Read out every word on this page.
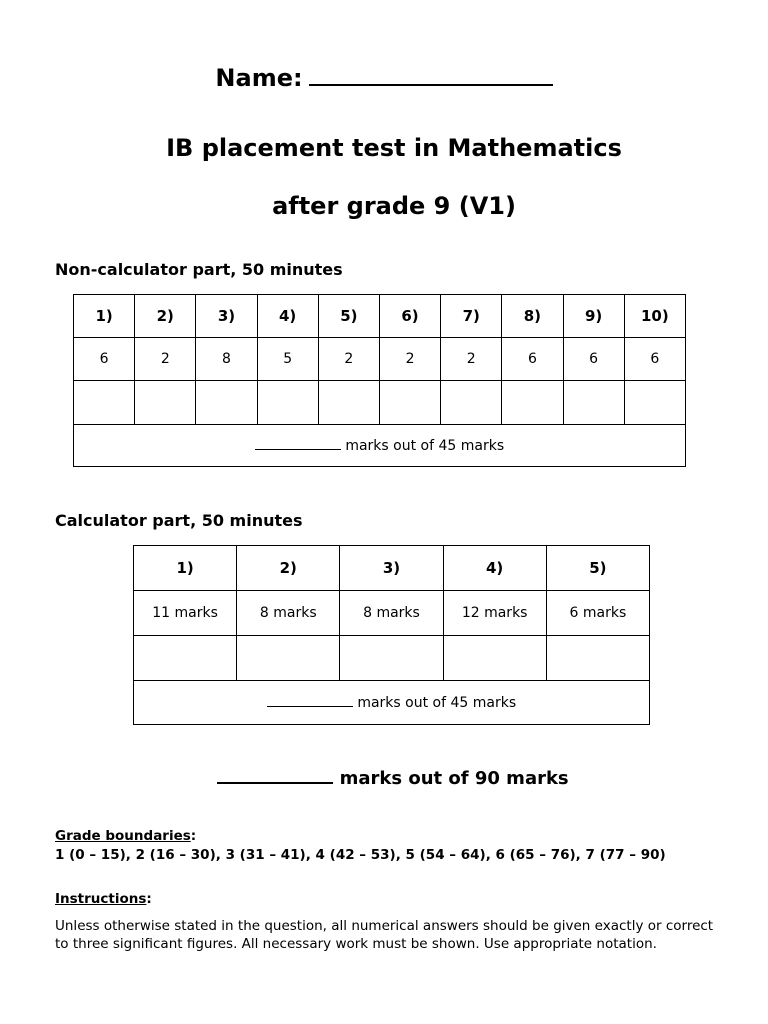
Name:
IB placement test in Mathematics
after grade 9 (V1)
Non-calculator part, 50 minutes
1)	2)	3)	4)	5)	6)	7)	8)	9)	10)
6	2	8	5	2	2	2	6	6	6

marks out of 45 marks									
Calculator part, 50 minutes
1)	2)	3)	4)	5)
11 marks	8 marks	8 marks	12 marks	6 marks

marks out of 45 marks				
marks out of 90 marks
Grade boundaries:
1 (0 – 15), 2 (16 – 30), 3 (31 – 41), 4 (42 – 53), 5 (54 – 64), 6 (65 – 76), 7 (77 – 90)
Instructions:
Unless otherwise stated in the question, all numerical answers should be given exactly or correct to three significant figures. All necessary work must be shown. Use appropriate notation.
